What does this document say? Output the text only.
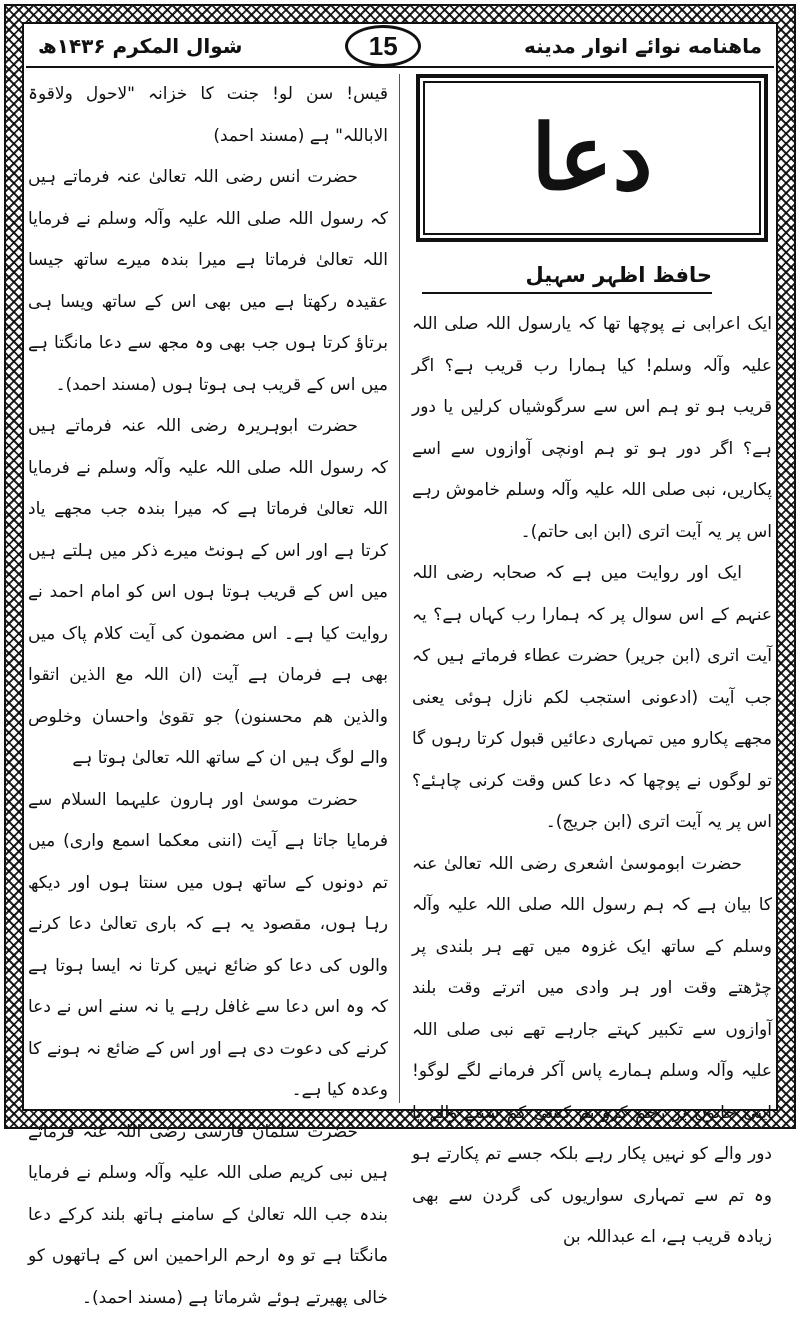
ماهنامه نوائے انوار مدینه
15
شوال المکرم ۱۴۳۶ھ
دعا
حافظ اظہر سہیل

ایک اعرابی نے پوچھا تھا کہ یارسول اللہ صلی اللہ علیہ وآلہ وسلم! کیا ہمارا رب قریب ہے؟ اگر قریب ہو تو ہم اس سے سرگوشیاں کرلیں یا دور ہے؟ اگر دور ہو تو ہم اونچی آوازوں سے اسے پکاریں، نبی صلی اللہ علیہ وآلہ وسلم خاموش رہے اس پر یہ آیت اتری (ابن ابی حاتم)۔

ایک اور روایت میں ہے کہ صحابہ رضی اللہ عنہم کے اس سوال پر کہ ہمارا رب کہاں ہے؟ یہ آیت اتری (ابن جریر) حضرت عطاء فرماتے ہیں کہ جب آیت (ادعونی استجب لکم نازل ہوئی یعنی مجھے پکارو میں تمہاری دعائیں قبول کرتا رہوں گا تو لوگوں نے پوچھا کہ دعا کس وقت کرنی چاہئے؟ اس پر یہ آیت اتری (ابن جریج)۔

حضرت ابوموسیٰ اشعری رضی اللہ تعالیٰ عنہ کا بیان ہے کہ ہم رسول اللہ صلی اللہ علیہ وآلہ وسلم کے ساتھ ایک غزوہ میں تھے ہر بلندی پر چڑھتے وقت اور ہر وادی میں اترتے وقت بلند آوازوں سے تکبیر کہتے جارہے تھے نبی صلی اللہ علیہ وآلہ وسلم ہمارے پاس آکر فرمانے لگے لوگو! اپنی جانوں پر رحم کرو تم کسی کم سننے والے یا دور والے کو نہیں پکار رہے بلکہ جسے تم پکارتے ہو وہ تم سے تمہاری سواریوں کی گردن سے بھی زیادہ قریب ہے، اے عبداللہ بن

قیس! سن لو! جنت کا خزانہ "لاحول ولاقوۃ الاباللہ" ہے (مسند احمد)

حضرت انس رضی اللہ تعالیٰ عنہ فرماتے ہیں کہ رسول اللہ صلی اللہ علیہ وآلہ وسلم نے فرمایا اللہ تعالیٰ فرماتا ہے میرا بندہ میرے ساتھ جیسا عقیدہ رکھتا ہے میں بھی اس کے ساتھ ویسا ہی برتاؤ کرتا ہوں جب بھی وہ مجھ سے دعا مانگتا ہے میں اس کے قریب ہی ہوتا ہوں (مسند احمد)۔

حضرت ابوہریرہ رضی اللہ عنہ فرماتے ہیں کہ رسول اللہ صلی اللہ علیہ وآلہ وسلم نے فرمایا اللہ تعالیٰ فرماتا ہے کہ میرا بندہ جب مجھے یاد کرتا ہے اور اس کے ہونٹ میرے ذکر میں ہلتے ہیں میں اس کے قریب ہوتا ہوں اس کو امام احمد نے روایت کیا ہے۔ اس مضمون کی آیت کلام پاک میں بھی ہے فرمان ہے آیت (ان اللہ مع الذین اتقوا والذین ھم محسنون) جو تقویٰ واحسان وخلوص والے لوگ ہیں ان کے ساتھ اللہ تعالیٰ ہوتا ہے

حضرت موسیٰ اور ہارون علیہما السلام سے فرمایا جاتا ہے آیت (اننی معکما اسمع واری) میں تم دونوں کے ساتھ ہوں میں سنتا ہوں اور دیکھ رہا ہوں، مقصود یہ ہے کہ باری تعالیٰ دعا کرنے والوں کی دعا کو ضائع نہیں کرتا نہ ایسا ہوتا ہے کہ وہ اس دعا سے غافل رہے یا نہ سنے اس نے دعا کرنے کی دعوت دی ہے اور اس کے ضائع نہ ہونے کا وعدہ کیا ہے۔

حضرت سلمان فارسی رضی اللہ عنہ فرماتے ہیں نبی کریم صلی اللہ علیہ وآلہ وسلم نے فرمایا بندہ جب اللہ تعالیٰ کے سامنے ہاتھ بلند کرکے دعا مانگتا ہے تو وہ ارحم الراحمین اس کے ہاتھوں کو خالی پھیرتے ہوئے شرماتا ہے (مسند احمد)۔
